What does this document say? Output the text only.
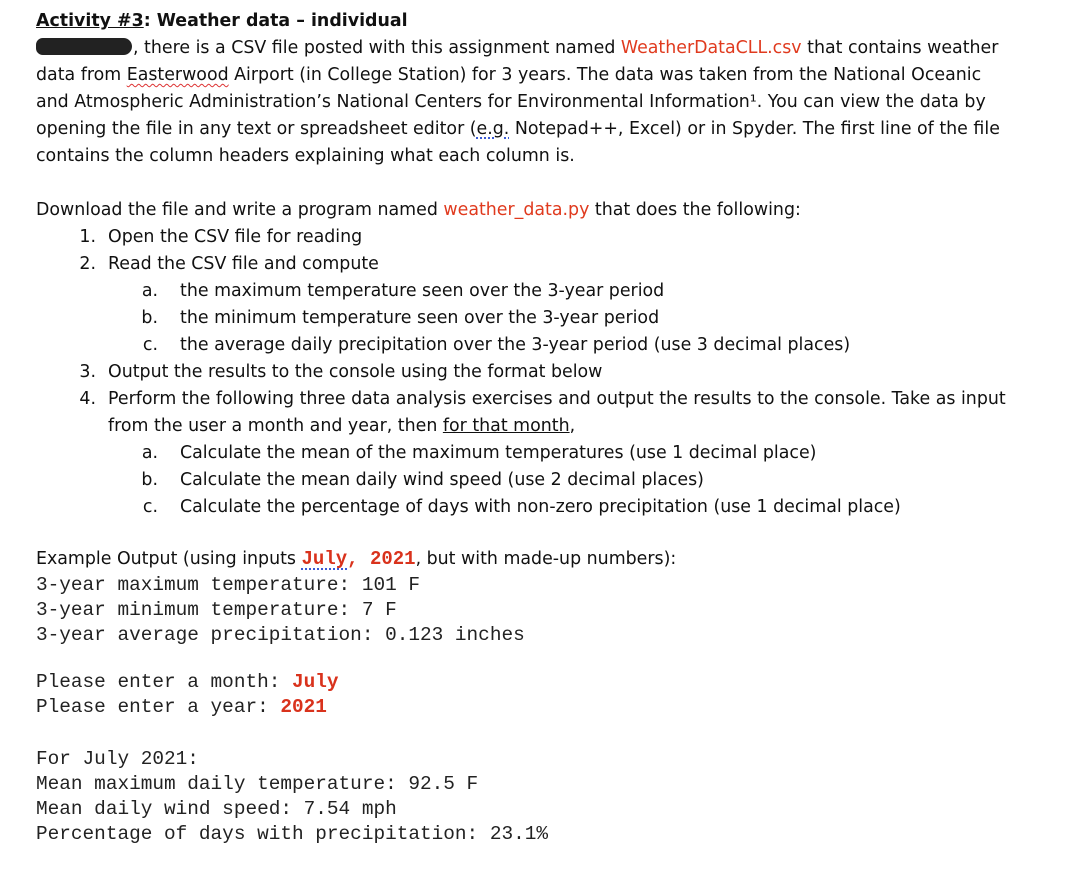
Activity #3: Weather data – individual
, there is a CSV file posted with this assignment named WeatherDataCLL.csv that contains weather
data from Easterwood Airport (in College Station) for 3 years. The data was taken from the National Oceanic
and Atmospheric Administration’s National Centers for Environmental Information¹. You can view the data by
opening the file in any text or spreadsheet editor (e.g. Notepad++, Excel) or in Spyder. The first line of the file
contains the column headers explaining what each column is.
Download the file and write a program named weather_data.py that does the following:
1. Open the CSV file for reading
2. Read the CSV file and compute
a. the maximum temperature seen over the 3-year period
b. the minimum temperature seen over the 3-year period
c. the average daily precipitation over the 3-year period (use 3 decimal places)
3. Output the results to the console using the format below
4. Perform the following three data analysis exercises and output the results to the console. Take as input
from the user a month and year, then for that month,
a. Calculate the mean of the maximum temperatures (use 1 decimal place)
b. Calculate the mean daily wind speed (use 2 decimal places)
c. Calculate the percentage of days with non-zero precipitation (use 1 decimal place)
Example Output (using inputs July, 2021, but with made-up numbers):
3-year maximum temperature: 101 F
3-year minimum temperature: 7 F
3-year average precipitation: 0.123 inches
Please enter a month: July
Please enter a year: 2021
For July 2021:
Mean maximum daily temperature: 92.5 F
Mean daily wind speed: 7.54 mph
Percentage of days with precipitation: 23.1%
